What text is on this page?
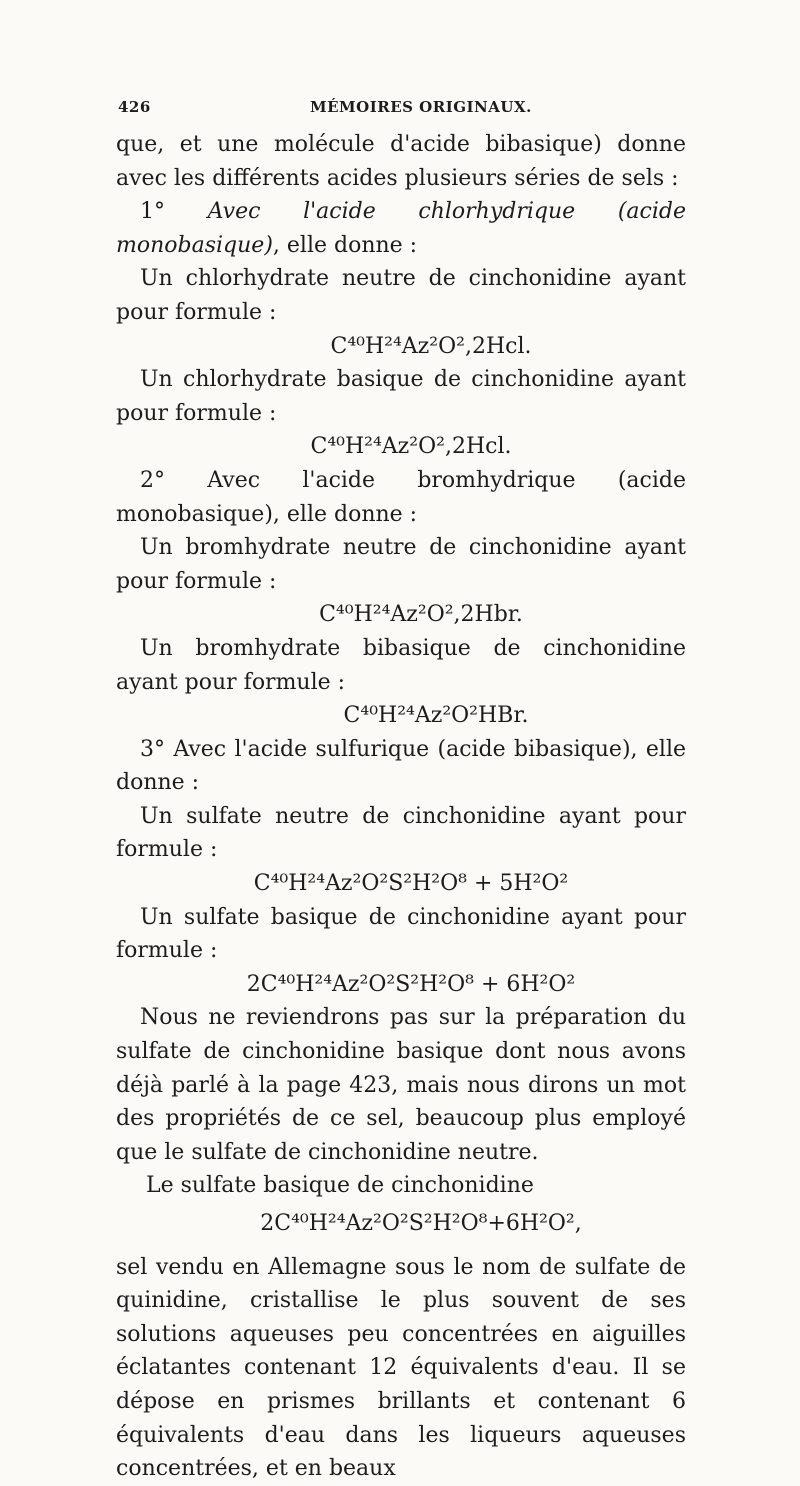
426	MÉMOIRES ORIGINAUX.

que, et une molécule d'acide bibasique) donne avec les différents acides plusieurs séries de sels :

1° Avec l'acide chlorhydrique (acide monobasique), elle donne :

Un chlorhydrate neutre de cinchonidine ayant pour formule :

C⁴⁰H²⁴Az²O²,2Hcl.

Un chlorhydrate basique de cinchonidine ayant pour formule :

C⁴⁰H²⁴Az²O²,2Hcl.

2° Avec l'acide bromhydrique (acide monobasique), elle donne :

Un bromhydrate neutre de cinchonidine ayant pour formule :

C⁴⁰H²⁴Az²O²,2Hbr.

Un bromhydrate bibasique de cinchonidine ayant pour formule :

C⁴⁰H²⁴Az²O²HBr.

3° Avec l'acide sulfurique (acide bibasique), elle donne :

Un sulfate neutre de cinchonidine ayant pour formule :

C⁴⁰H²⁴Az²O²S²H²O⁸ + 5H²O²

Un sulfate basique de cinchonidine ayant pour formule :

2C⁴⁰H²⁴Az²O²S²H²O⁸ + 6H²O²

Nous ne reviendrons pas sur la préparation du sulfate de cinchonidine basique dont nous avons déjà parlé à la page 423, mais nous dirons un mot des propriétés de ce sel, beaucoup plus employé que le sulfate de cinchonidine neutre.

Le sulfate basique de cinchonidine

2C⁴⁰H²⁴Az²O²S²H²O⁸+6H²O²,

sel vendu en Allemagne sous le nom de sulfate de quinidine, cristallise le plus souvent de ses solutions aqueuses peu concentrées en aiguilles éclatantes contenant 12 équivalents d'eau. Il se dépose en prismes brillants et contenant 6 équivalents d'eau dans les liqueurs aqueuses concentrées, et en beaux
